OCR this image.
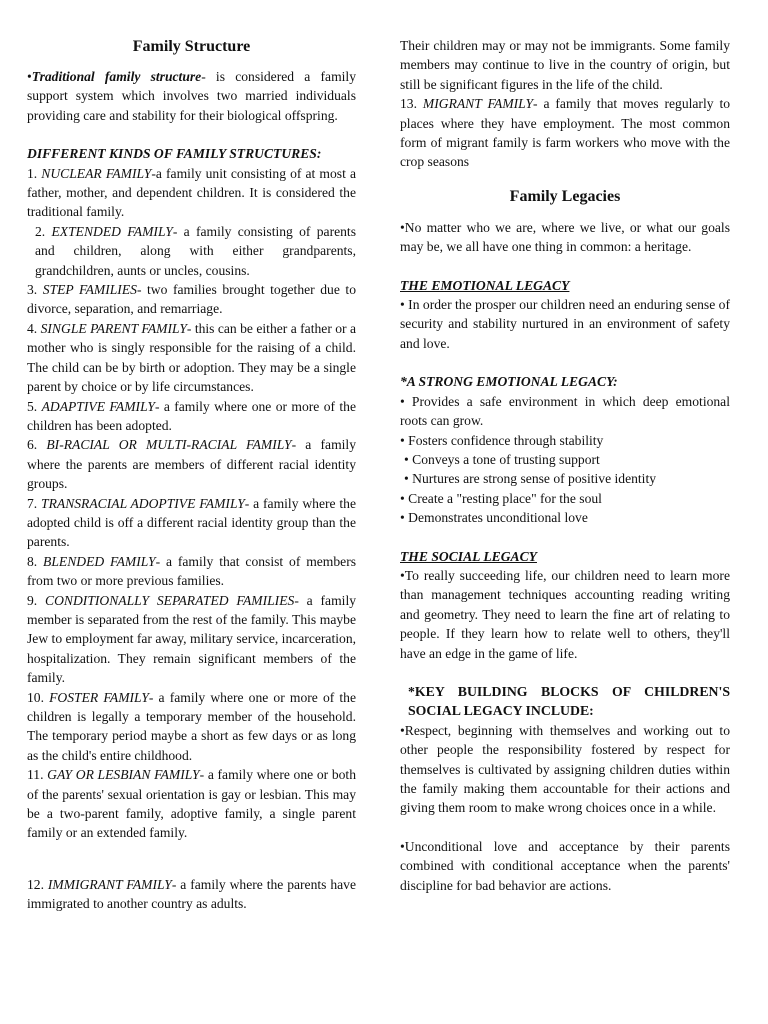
Family Structure

•Traditional family structure- is considered a family support system which involves two married individuals providing care and stability for their biological offspring.

DIFFERENT KINDS OF FAMILY STRUCTURES:

1. NUCLEAR FAMILY-a family unit consisting of at most a father, mother, and dependent children. It is considered the traditional family.

2. EXTENDED FAMILY- a family consisting of parents and children, along with either grandparents, grandchildren, aunts or uncles, cousins.

3. STEP FAMILIES- two families brought together due to divorce, separation, and remarriage.

4. SINGLE PARENT FAMILY- this can be either a father or a mother who is singly responsible for the raising of a child. The child can be by birth or adoption. They may be a single parent by choice or by life circumstances.

5. ADAPTIVE FAMILY- a family where one or more of the children has been adopted.

6. BI-RACIAL OR MULTI-RACIAL FAMILY- a family where the parents are members of different racial identity groups.

7. TRANSRACIAL ADOPTIVE FAMILY- a family where the adopted child is off a different racial identity group than the parents.

8. BLENDED FAMILY- a family that consist of members from two or more previous families.

9. CONDITIONALLY SEPARATED FAMILIES- a family member is separated from the rest of the family. This maybe Jew to employment far away, military service, incarceration, hospitalization. They remain significant members of the family.

10. FOSTER FAMILY- a family where one or more of the children is legally a temporary member of the household. The temporary period maybe a short as few days or as long as the child's entire childhood.

11. GAY OR LESBIAN FAMILY- a family where one or both of the parents' sexual orientation is gay or lesbian. This may be a two-parent family, adoptive family, a single parent family or an extended family.

12. IMMIGRANT FAMILY- a family where the parents have immigrated to another country as adults.

Their children may or may not be immigrants. Some family members may continue to live in the country of origin, but still be significant figures in the life of the child.

13. MIGRANT FAMILY- a family that moves regularly to places where they have employment. The most common form of migrant family is farm workers who move with the crop seasons

Family Legacies

•No matter who we are, where we live, or what our goals may be, we all have one thing in common: a heritage.

THE EMOTIONAL LEGACY

• In order the prosper our children need an enduring sense of security and stability nurtured in an environment of safety and love.

*A STRONG EMOTIONAL LEGACY:

• Provides a safe environment in which deep emotional roots can grow.

• Fosters confidence through stability

• Conveys a tone of trusting support

• Nurtures are strong sense of positive identity

• Create a "resting place" for the soul

• Demonstrates unconditional love

THE SOCIAL LEGACY

•To really succeeding life, our children need to learn more than management techniques accounting reading writing and geometry. They need to learn the fine art of relating to people. If they learn how to relate well to others, they'll have an edge in the game of life.

*KEY BUILDING BLOCKS OF CHILDREN'S SOCIAL LEGACY INCLUDE:

•Respect, beginning with themselves and working out to other people the responsibility fostered by respect for themselves is cultivated by assigning children duties within the family making them accountable for their actions and giving them room to make wrong choices once in a while.

•Unconditional love and acceptance by their parents combined with conditional acceptance when the parents' discipline for bad behavior are actions.
